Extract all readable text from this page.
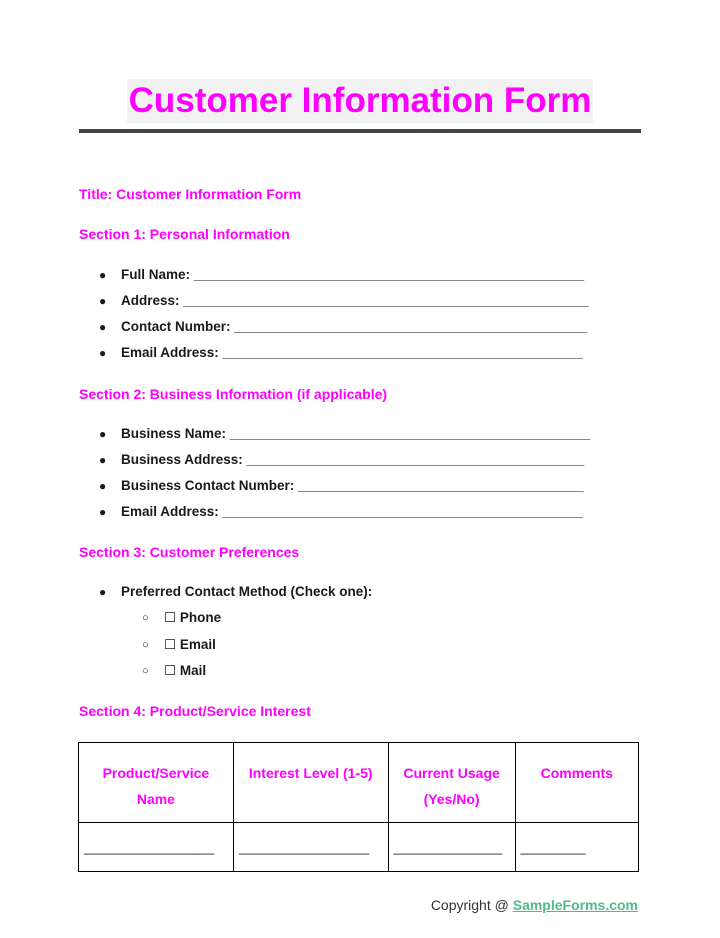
Customer Information Form
Title: Customer Information Form
Section 1: Personal Information
● Full Name: ____________________________________________________
● Address: ______________________________________________________
● Contact Number: _______________________________________________
● Email Address: ________________________________________________
Section 2: Business Information (if applicable)
● Business Name: ________________________________________________
● Business Address: _____________________________________________
● Business Contact Number: ______________________________________
● Email Address: ________________________________________________
Section 3: Customer Preferences
● Preferred Contact Method (Check one):
○ ☐ Phone
○ ☐ Email
○ ☐ Mail
Section 4: Product/Service Interest
Product/Service Name	Interest Level (1-5)	Current Usage (Yes/No)	Comments
__________________	__________________	_______________	_________
Copyright @ SampleForms.com
